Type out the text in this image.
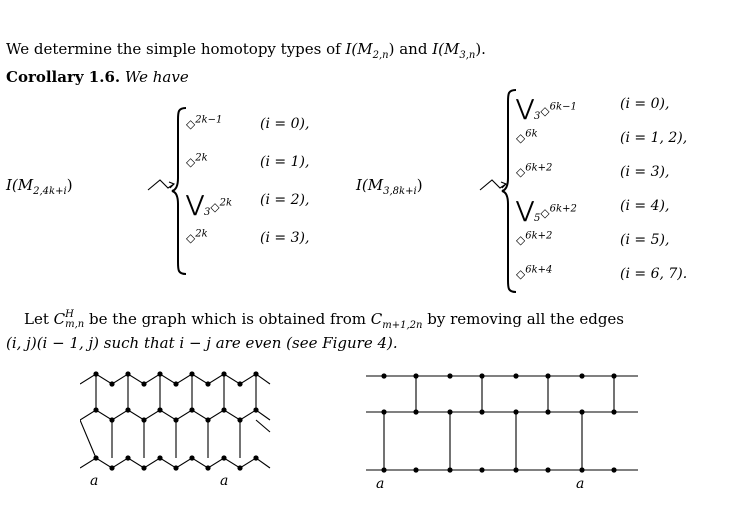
We determine the simple homotopy types of $I(M_{2,n})$ and $I(M_{3,n})$.
Corollary 1.6. We have
$I(M_{2,4k+i})$
◇$^{2k-1}$	(i = 0),
◇$^{2k}$	(i = 1),
$⋁_3◇^{2k}$ (i = 2),
◇$^{2k}$	(i = 3),
$I(M_{3,8k+i})$
$⋁_3◇^{6k-1}$	(i = 0),
◇$^{6k}$	(i = 1, 2),
◇$^{6k+2}$	(i = 3),
$⋁_5◇^{6k+2}$	(i = 4),
◇$^{6k+2}$	(i = 5),
◇$^{6k+4}$	(i = 6, 7).
Let C H
m,n be the graph which is obtained from $C_{m+1,2n}$ by removing all the edges
(i, j)(i − 1, j) such that i − j are even (see Figure 4).
a	a	a	a
